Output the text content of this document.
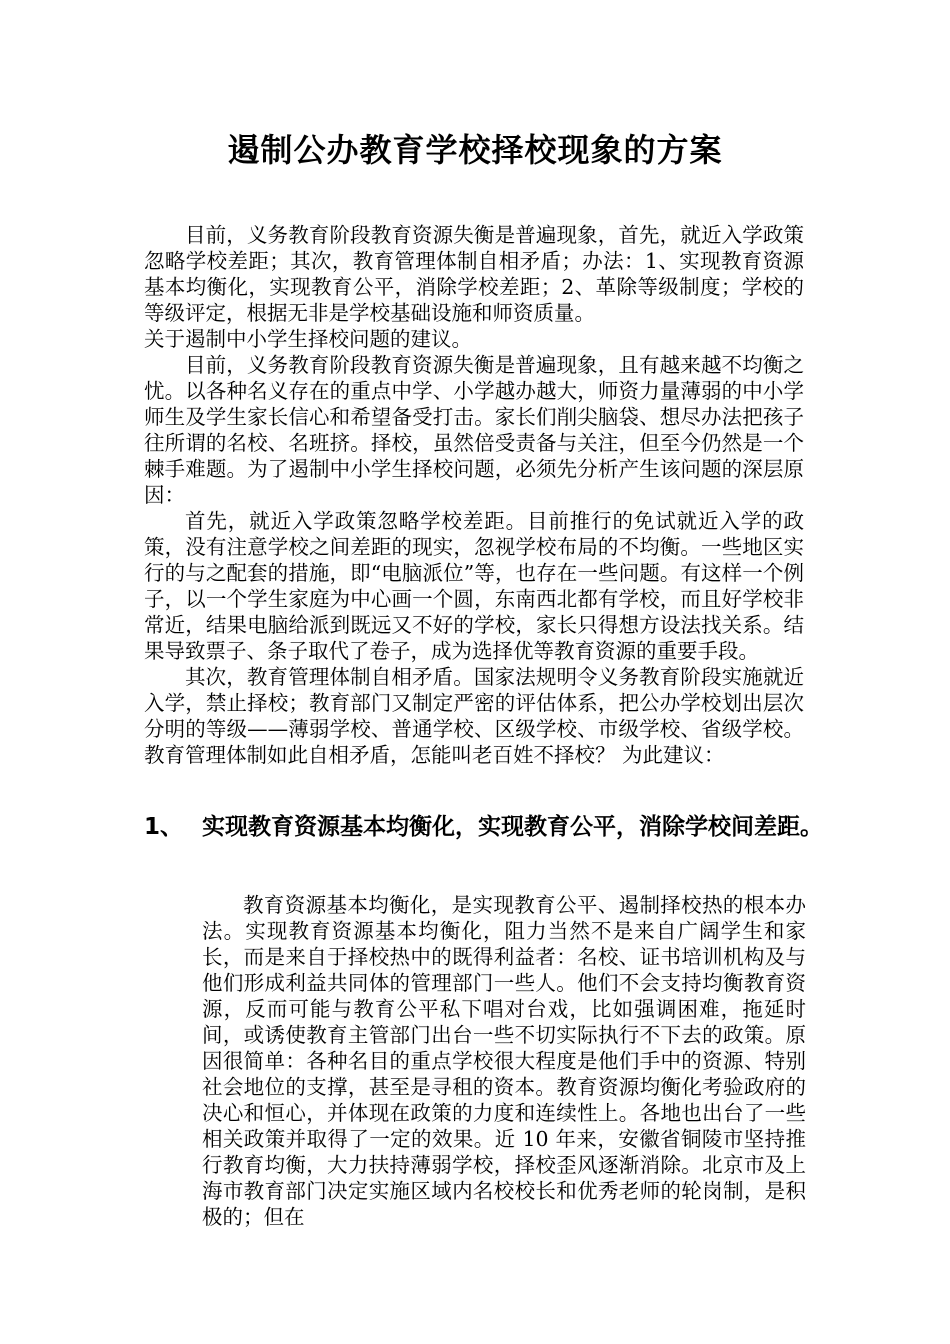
遏制公办教育学校择校现象的方案

目前，义务教育阶段教育资源失衡是普遍现象，首先，就近入学政策忽略学校差距；其次，教育管理体制自相矛盾；办法：1、实现教育资源基本均衡化，实现教育公平，消除学校差距；2、革除等级制度；学校的等级评定，根据无非是学校基础设施和师资质量。

关于遏制中小学生择校问题的建议。

目前，义务教育阶段教育资源失衡是普遍现象，且有越来越不均衡之忧。以各种名义存在的重点中学、小学越办越大，师资力量薄弱的中小学师生及学生家长信心和希望备受打击。家长们削尖脑袋、想尽办法把孩子往所谓的名校、名班挤。择校，虽然倍受责备与关注，但至今仍然是一个棘手难题。为了遏制中小学生择校问题，必须先分析产生该问题的深层原因：

首先，就近入学政策忽略学校差距。目前推行的免试就近入学的政策，没有注意学校之间差距的现实，忽视学校布局的不均衡。一些地区实行的与之配套的措施，即“电脑派位”等，也存在一些问题。有这样一个例子，以一个学生家庭为中心画一个圆，东南西北都有学校，而且好学校非常近，结果电脑给派到既远又不好的学校，家长只得想方设法找关系。结果导致票子、条子取代了卷子，成为选择优等教育资源的重要手段。

其次，教育管理体制自相矛盾。国家法规明令义务教育阶段实施就近入学，禁止择校；教育部门又制定严密的评估体系，把公办学校划出层次分明的等级——薄弱学校、普通学校、区级学校、市级学校、省级学校。教育管理体制如此自相矛盾，怎能叫老百姓不择校？ 为此建议：

1、 实现教育资源基本均衡化，实现教育公平，消除学校间差距。

教育资源基本均衡化，是实现教育公平、遏制择校热的根本办法。实现教育资源基本均衡化，阻力当然不是来自广阔学生和家长，而是来自于择校热中的既得利益者：名校、证书培训机构及与他们形成利益共同体的管理部门一些人。他们不会支持均衡教育资源，反而可能与教育公平私下唱对台戏，比如强调困难，拖延时间，或诱使教育主管部门出台一些不切实际执行不下去的政策。原因很简单：各种名目的重点学校很大程度是他们手中的资源、特别社会地位的支撑，甚至是寻租的资本。教育资源均衡化考验政府的决心和恒心，并体现在政策的力度和连续性上。各地也出台了一些相关政策并取得了一定的效果。近 10 年来，安徽省铜陵市坚持推行教育均衡，大力扶持薄弱学校，择校歪风逐渐消除。北京市及上海市教育部门决定实施区域内名校校长和优秀老师的轮岗制，是积极的；但在
